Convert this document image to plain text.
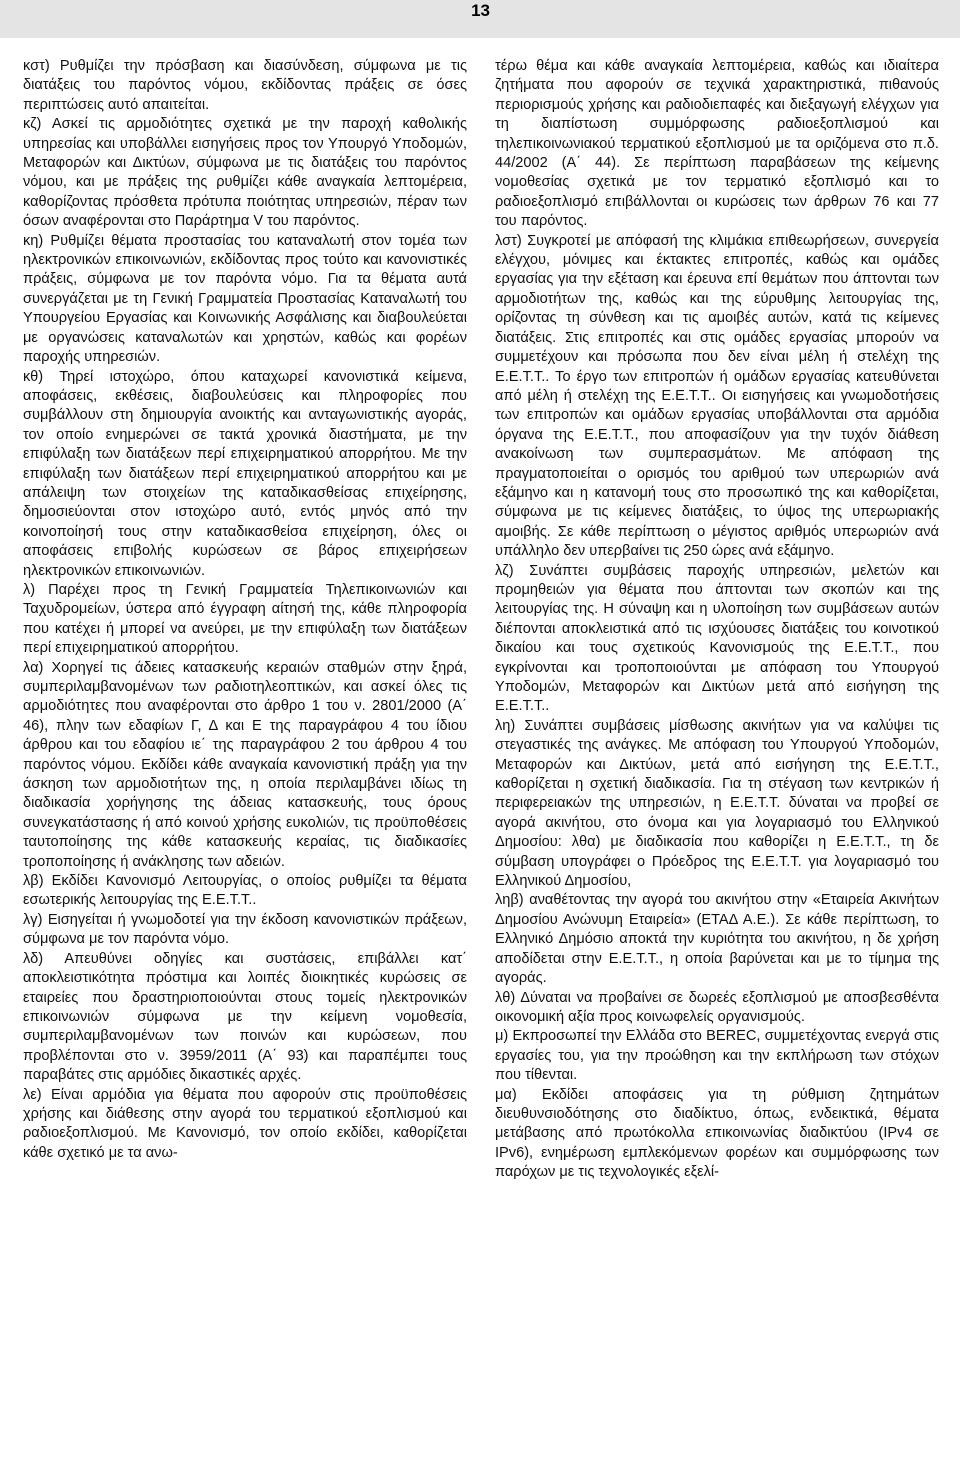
13

κστ) Ρυθμίζει την πρόσβαση και διασύνδεση, σύμφωνα με τις διατάξεις του παρόντος νόμου, εκδίδοντας πράξεις σε όσες περιπτώσεις αυτό απαιτείται.

κζ) Ασκεί τις αρμοδιότητες σχετικά με την παροχή καθολικής υπηρεσίας και υποβάλλει εισηγήσεις προς τον Υπουργό Υποδομών, Μεταφορών και Δικτύων, σύμφωνα με τις διατάξεις του παρόντος νόμου, και με πράξεις της ρυθμίζει κάθε αναγκαία λεπτομέρεια, καθορίζοντας πρόσθετα πρότυπα ποιότητας υπηρεσιών, πέραν των όσων αναφέρονται στο Παράρτημα V του παρόντος.

κη) Ρυθμίζει θέματα προστασίας του καταναλωτή στον τομέα των ηλεκτρονικών επικοινωνιών, εκδίδοντας προς τούτο και κανονιστικές πράξεις, σύμφωνα με τον παρόντα νόμο. Για τα θέματα αυτά συνεργάζεται με τη Γενική Γραμματεία Προστασίας Καταναλωτή του Υπουργείου Εργασίας και Κοινωνικής Ασφάλισης και διαβουλεύεται με οργανώσεις καταναλωτών και χρηστών, καθώς και φορέων παροχής υπηρεσιών.

κθ) Τηρεί ιστοχώρο, όπου καταχωρεί κανονιστικά κείμενα, αποφάσεις, εκθέσεις, διαβουλεύσεις και πληροφορίες που συμβάλλουν στη δημιουργία ανοικτής και ανταγωνιστικής αγοράς, τον οποίο ενημερώνει σε τακτά χρονικά διαστήματα, με την επιφύλαξη των διατάξεων περί επιχειρηματικού απορρήτου. Με την επιφύλαξη των διατάξεων περί επιχειρηματικού απορρήτου και με απάλειψη των στοιχείων της καταδικασθείσας επιχείρησης, δημοσιεύονται στον ιστοχώρο αυτό, εντός μηνός από την κοινοποίησή τους στην καταδικασθείσα επιχείρηση, όλες οι αποφάσεις επιβολής κυρώσεων σε βάρος επιχειρήσεων ηλεκτρονικών επικοινωνιών.

λ) Παρέχει προς τη Γενική Γραμματεία Τηλεπικοινωνιών και Ταχυδρομείων, ύστερα από έγγραφη αίτησή της, κάθε πληροφορία που κατέχει ή μπορεί να ανεύρει, με την επιφύλαξη των διατάξεων περί επιχειρηματικού απορρήτου.

λα) Χορηγεί τις άδειες κατασκευής κεραιών σταθμών στην ξηρά, συμπεριλαμβανομένων των ραδιοτηλεοπτικών, και ασκεί όλες τις αρμοδιότητες που αναφέρονται στο άρθρο 1 του ν. 2801/2000 (Α΄ 46), πλην των εδαφίων Γ, Δ και Ε της παραγράφου 4 του ίδιου άρθρου και του εδαφίου ιε΄ της παραγράφου 2 του άρθρου 4 του παρόντος νόμου. Εκδίδει κάθε αναγκαία κανονιστική πράξη για την άσκηση των αρμοδιοτήτων της, η οποία περιλαμβάνει ιδίως τη διαδικασία χορήγησης της άδειας κατασκευής, τους όρους συνεγκατάστασης ή από κοινού χρήσης ευκολιών, τις προϋποθέσεις ταυτοποίησης της κάθε κατασκευής κεραίας, τις διαδικασίες τροποποίησης ή ανάκλησης των αδειών.

λβ) Εκδίδει Κανονισμό Λειτουργίας, ο οποίος ρυθμίζει τα θέματα εσωτερικής λειτουργίας της Ε.Ε.Τ.Τ..

λγ) Εισηγείται ή γνωμοδοτεί για την έκδοση κανονιστικών πράξεων, σύμφωνα με τον παρόντα νόμο.

λδ) Απευθύνει οδηγίες και συστάσεις, επιβάλλει κατ΄ αποκλειστικότητα πρόστιμα και λοιπές διοικητικές κυρώσεις σε εταιρείες που δραστηριοποιούνται στους τομείς ηλεκτρονικών επικοινωνιών σύμφωνα με την κείμενη νομοθεσία, συμπεριλαμβανομένων των ποινών και κυρώσεων, που προβλέπονται στο ν. 3959/2011 (Α΄ 93) και παραπέμπει τους παραβάτες στις αρμόδιες δικαστικές αρχές.

λε) Είναι αρμόδια για θέματα που αφορούν στις προϋποθέσεις χρήσης και διάθεσης στην αγορά του τερματικού εξοπλισμού και ραδιοεξοπλισμού. Με Κανονισμό, τον οποίο εκδίδει, καθορίζεται κάθε σχετικό με τα ανω-

τέρω θέμα και κάθε αναγκαία λεπτομέρεια, καθώς και ιδιαίτερα ζητήματα που αφορούν σε τεχνικά χαρακτηριστικά, πιθανούς περιορισμούς χρήσης και ραδιοδιεπαφές και διεξαγωγή ελέγχων για τη διαπίστωση συμμόρφωσης ραδιοεξοπλισμού και τηλεπικοινωνιακού τερματικού εξοπλισμού με τα οριζόμενα στο π.δ. 44/2002 (Α΄ 44). Σε περίπτωση παραβάσεων της κείμενης νομοθεσίας σχετικά με τον τερματικό εξοπλισμό και το ραδιοεξοπλισμό επιβάλλονται οι κυρώσεις των άρθρων 76 και 77 του παρόντος.

λστ) Συγκροτεί με απόφασή της κλιμάκια επιθεωρήσεων, συνεργεία ελέγχου, μόνιμες και έκτακτες επιτροπές, καθώς και ομάδες εργασίας για την εξέταση και έρευνα επί θεμάτων που άπτονται των αρμοδιοτήτων της, καθώς και της εύρυθμης λειτουργίας της, ορίζοντας τη σύνθεση και τις αμοιβές αυτών, κατά τις κείμενες διατάξεις. Στις επιτροπές και στις ομάδες εργασίας μπορούν να συμμετέχουν και πρόσωπα που δεν είναι μέλη ή στελέχη της Ε.Ε.Τ.Τ.. Το έργο των επιτροπών ή ομάδων εργασίας κατευθύνεται από μέλη ή στελέχη της Ε.Ε.Τ.Τ.. Οι εισηγήσεις και γνωμοδοτήσεις των επιτροπών και ομάδων εργασίας υποβάλλονται στα αρμόδια όργανα της Ε.Ε.Τ.Τ., που αποφασίζουν για την τυχόν διάθεση ανακοίνωση των συμπερασμάτων. Με απόφαση της πραγματοποιείται ο ορισμός του αριθμού των υπερωριών ανά εξάμηνο και η κατανομή τους στο προσωπικό της και καθορίζεται, σύμφωνα με τις κείμενες διατάξεις, το ύψος της υπερωριακής αμοιβής. Σε κάθε περίπτωση ο μέγιστος αριθμός υπερωριών ανά υπάλληλο δεν υπερβαίνει τις 250 ώρες ανά εξάμηνο.

λζ) Συνάπτει συμβάσεις παροχής υπηρεσιών, μελετών και προμηθειών για θέματα που άπτονται των σκοπών και της λειτουργίας της. Η σύναψη και η υλοποίηση των συμβάσεων αυτών διέπονται αποκλειστικά από τις ισχύουσες διατάξεις του κοινοτικού δικαίου και τους σχετικούς Κανονισμούς της Ε.Ε.Τ.Τ., που εγκρίνονται και τροποποιούνται με απόφαση του Υπουργού Υποδομών, Μεταφορών και Δικτύων μετά από εισήγηση της Ε.Ε.Τ.Τ..

λη) Συνάπτει συμβάσεις μίσθωσης ακινήτων για να καλύψει τις στεγαστικές της ανάγκες. Με απόφαση του Υπουργού Υποδομών, Μεταφορών και Δικτύων, μετά από εισήγηση της Ε.Ε.Τ.Τ., καθορίζεται η σχετική διαδικασία. Για τη στέγαση των κεντρικών ή περιφερειακών της υπηρεσιών, η Ε.Ε.Τ.Τ. δύναται να προβεί σε αγορά ακινήτου, στο όνομα και για λογαριασμό του Ελληνικού Δημοσίου: λθα) με διαδικασία που καθορίζει η Ε.Ε.Τ.Τ., τη δε σύμβαση υπογράφει ο Πρόεδρος της Ε.Ε.Τ.Τ. για λογαριασμό του Ελληνικού Δημοσίου,

ληβ) αναθέτοντας την αγορά του ακινήτου στην «Εταιρεία Ακινήτων Δημοσίου Ανώνυμη Εταιρεία» (ΕΤΑΔ Α.Ε.). Σε κάθε περίπτωση, το Ελληνικό Δημόσιο αποκτά την κυριότητα του ακινήτου, η δε χρήση αποδίδεται στην Ε.Ε.Τ.Τ., η οποία βαρύνεται και με το τίμημα της αγοράς.

λθ) Δύναται να προβαίνει σε δωρεές εξοπλισμού με απoσβεσθέντα οικονομική αξία προς κοινωφελείς οργανισμούς.

μ) Εκπροσωπεί την Ελλάδα στο BEREC, συμμετέχοντας ενεργά στις εργασίες του, για την προώθηση και την εκπλήρωση των στόχων που τίθενται.

μα) Εκδίδει αποφάσεις για τη ρύθμιση ζητημάτων διευθυνσιοδότησης στο διαδίκτυο, όπως, ενδεικτικά, θέματα μετάβασης από πρωτόκολλα επικοινωνίας διαδικτύου (IPv4 σε IPv6), ενημέρωση εμπλεκόμενων φορέων και συμμόρφωσης των παρόχων με τις τεχνολογικές εξελί-
